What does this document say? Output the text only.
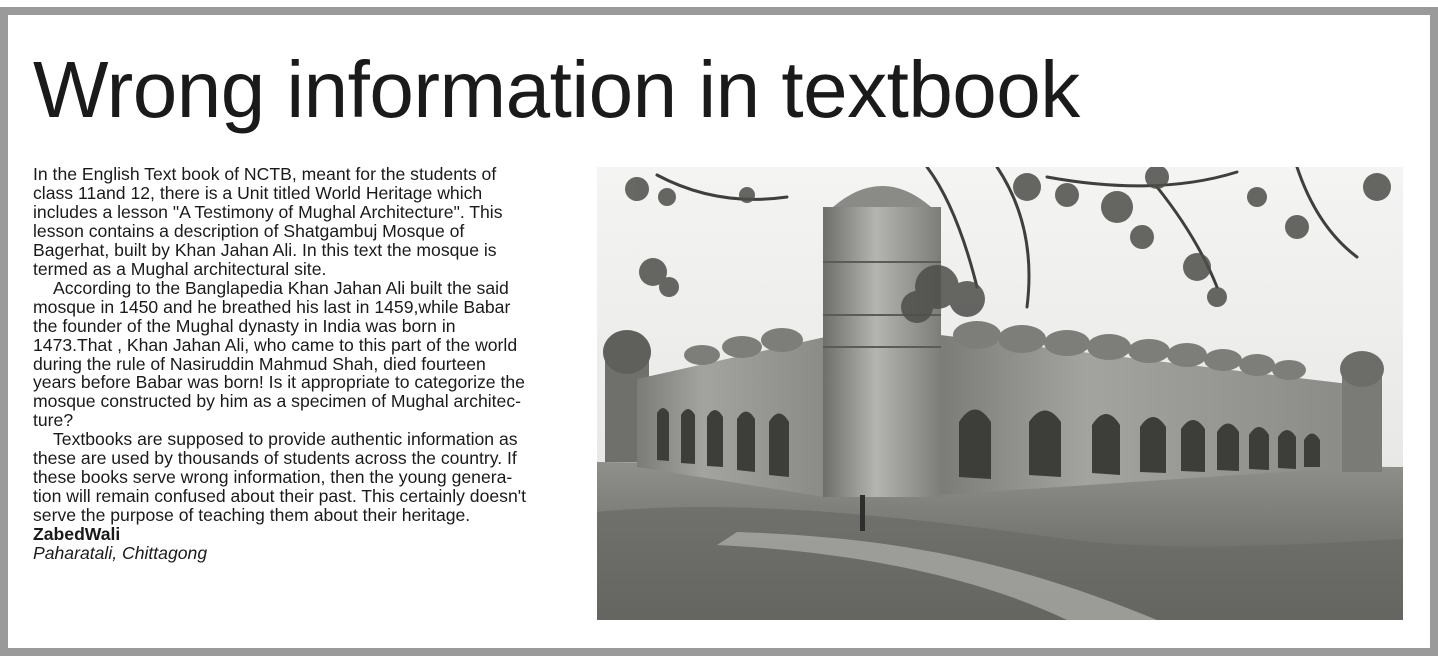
Wrong information in textbook

In the English Text book of NCTB, meant for the students of
class 11and 12, there is a Unit titled World Heritage which
includes a lesson "A Testimony of Mughal Architecture". This
lesson contains a description of Shatgambuj Mosque of
Bagerhat, built by Khan Jahan Ali. In this text the mosque is
termed as a Mughal architectural site.

According to the Banglapedia Khan Jahan Ali built the said
mosque in 1450 and he breathed his last in 1459,while Babar
the founder of the Mughal dynasty in India was born in
1473.That , Khan Jahan Ali, who came to this part of the world
during the rule of Nasiruddin Mahmud Shah, died fourteen
years before Babar was born! Is it appropriate to categorize the
mosque constructed by him as a specimen of Mughal architec-
ture?

Textbooks are supposed to provide authentic information as
these are used by thousands of students across the country. If
these books serve wrong information, then the young genera-
tion will remain confused about their past. This certainly doesn't
serve the purpose of teaching them about their heritage.

ZabedWali
Paharatali, Chittagong
